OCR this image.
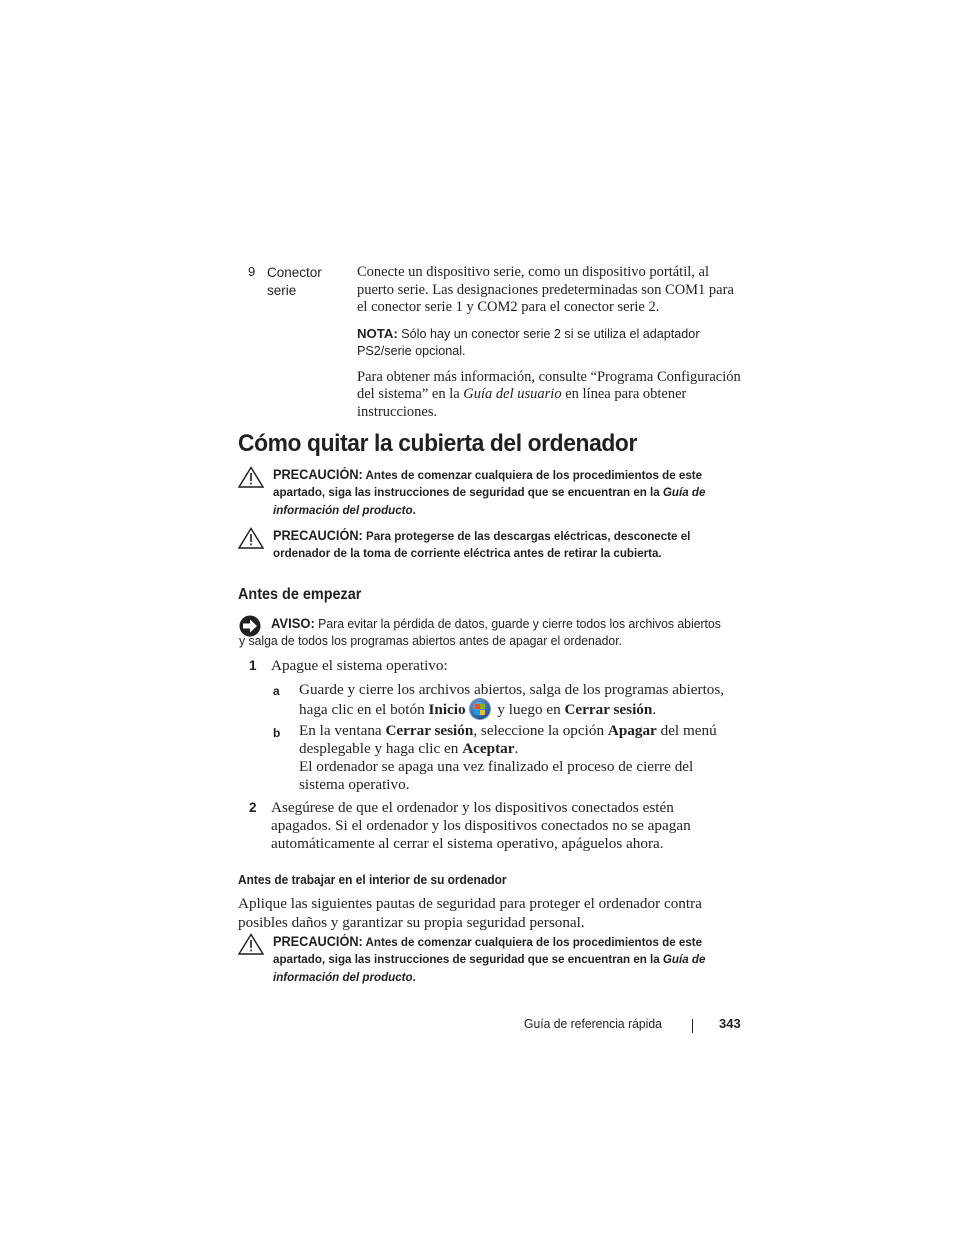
9 Conector serie

Conecte un dispositivo serie, como un dispositivo portátil, al puerto serie. Las designaciones predeterminadas son COM1 para el conector serie 1 y COM2 para el conector serie 2.

NOTA: Sólo hay un conector serie 2 si se utiliza el adaptador PS2/serie opcional.

Para obtener más información, consulte “Programa Configuración del sistema” en la Guía del usuario en línea para obtener instrucciones.

Cómo quitar la cubierta del ordenador
PRECAUCIÓN: Antes de comenzar cualquiera de los procedimientos de este apartado, siga las instrucciones de seguridad que se encuentran en la Guía de información del producto.
PRECAUCIÓN: Para protegerse de las descargas eléctricas, desconecte el ordenador de la toma de corriente eléctrica antes de retirar la cubierta.
Antes de empezar
AVISO: Para evitar la pérdida de datos, guarde y cierre todos los archivos abiertos
y salga de todos los programas abiertos antes de apagar el ordenador.
1 Apague el sistema operativo:
a Guarde y cierre los archivos abiertos, salga de los programas abiertos, haga clic en el botón Inicio
y luego en Cerrar sesión.
b En la ventana Cerrar sesión, seleccione la opción Apagar del menú desplegable y haga clic en Aceptar.
El ordenador se apaga una vez finalizado el proceso de cierre del sistema operativo.
2 Asegúrese de que el ordenador y los dispositivos conectados estén apagados. Si el ordenador y los dispositivos conectados no se apagan automáticamente al cerrar el sistema operativo, apáguelos ahora.
Antes de trabajar en el interior de su ordenador
Aplique las siguientes pautas de seguridad para proteger el ordenador contra posibles daños y garantizar su propia seguridad personal.
PRECAUCIÓN: Antes de comenzar cualquiera de los procedimientos de este apartado, siga las instrucciones de seguridad que se encuentran en la Guía de información del producto.
Guía de referencia rápida	343
